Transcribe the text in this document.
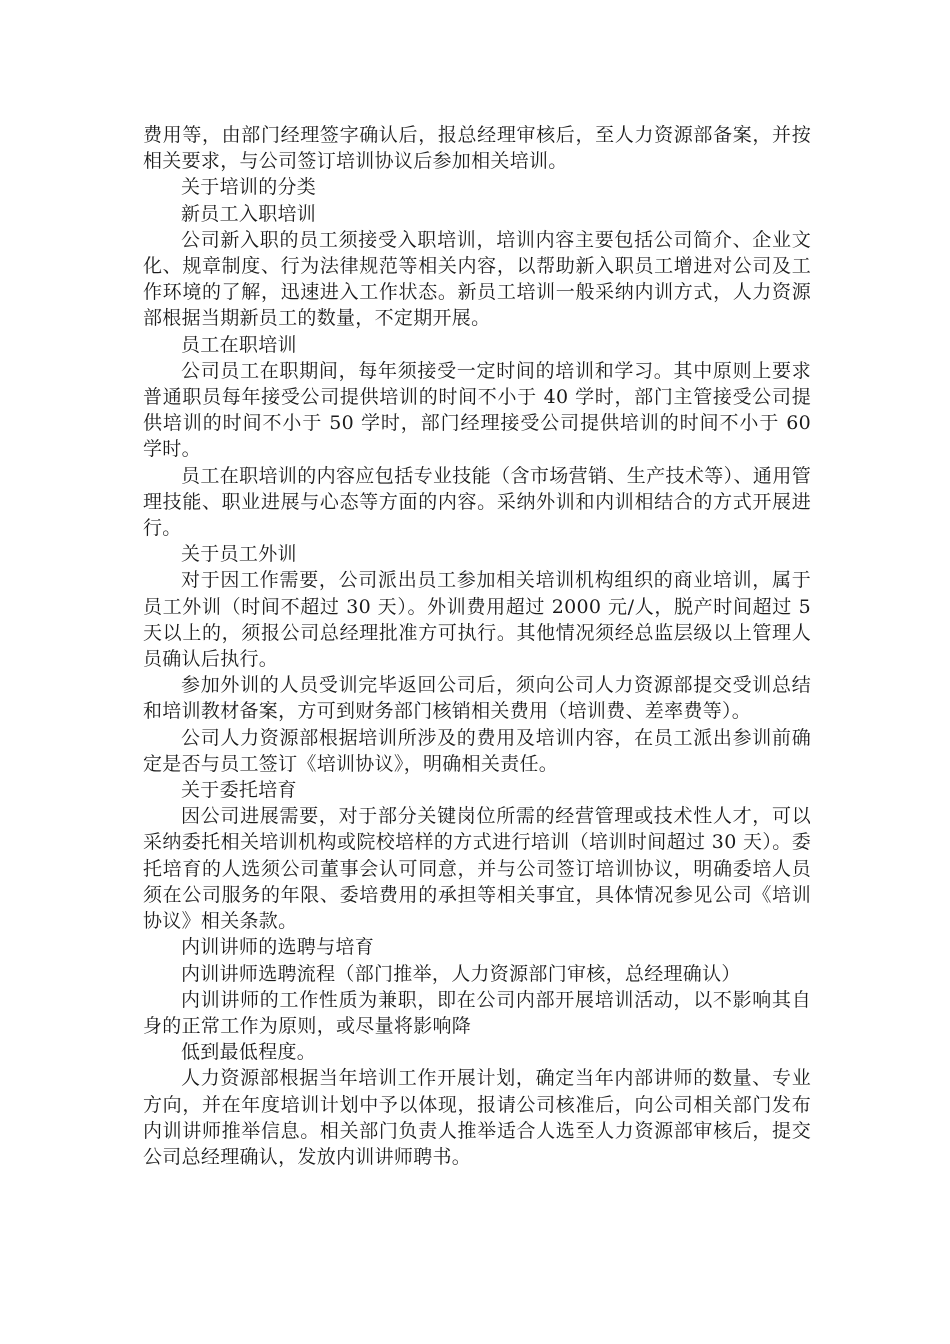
费用等，由部门经理签字确认后，报总经理审核后，至人力资源部备案，并按相关要求，与公司签订培训协议后参加相关培训。

关于培训的分类

新员工入职培训

公司新入职的员工须接受入职培训，培训内容主要包括公司简介、企业文化、规章制度、行为法律规范等相关内容，以帮助新入职员工增进对公司及工作环境的了解，迅速进入工作状态。新员工培训一般采纳内训方式，人力资源部根据当期新员工的数量，不定期开展。

员工在职培训

公司员工在职期间，每年须接受一定时间的培训和学习。其中原则上要求普通职员每年接受公司提供培训的时间不小于 40 学时，部门主管接受公司提供培训的时间不小于 50 学时，部门经理接受公司提供培训的时间不小于 60 学时。

员工在职培训的内容应包括专业技能（含市场营销、生产技术等）、通用管理技能、职业进展与心态等方面的内容。采纳外训和内训相结合的方式开展进行。

关于员工外训

对于因工作需要，公司派出员工参加相关培训机构组织的商业培训，属于员工外训（时间不超过 30 天）。外训费用超过 2000 元/人，脱产时间超过 5 天以上的，须报公司总经理批准方可执行。其他情况须经总监层级以上管理人员确认后执行。

参加外训的人员受训完毕返回公司后，须向公司人力资源部提交受训总结和培训教材备案，方可到财务部门核销相关费用（培训费、差率费等）。

公司人力资源部根据培训所涉及的费用及培训内容，在员工派出参训前确定是否与员工签订《培训协议》，明确相关责任。

关于委托培育

因公司进展需要，对于部分关键岗位所需的经营管理或技术性人才，可以采纳委托相关培训机构或院校培样的方式进行培训（培训时间超过 30 天）。委托培育的人选须公司董事会认可同意，并与公司签订培训协议，明确委培人员须在公司服务的年限、委培费用的承担等相关事宜，具体情况参见公司《培训协议》相关条款。

内训讲师的选聘与培育

内训讲师选聘流程（部门推举，人力资源部门审核，总经理确认）

内训讲师的工作性质为兼职，即在公司内部开展培训活动，以不影响其自身的正常工作为原则，或尽量将影响降

低到最低程度。

人力资源部根据当年培训工作开展计划，确定当年内部讲师的数量、专业方向，并在年度培训计划中予以体现，报请公司核准后，向公司相关部门发布内训讲师推举信息。相关部门负责人推举适合人选至人力资源部审核后，提交公司总经理确认，发放内训讲师聘书。
